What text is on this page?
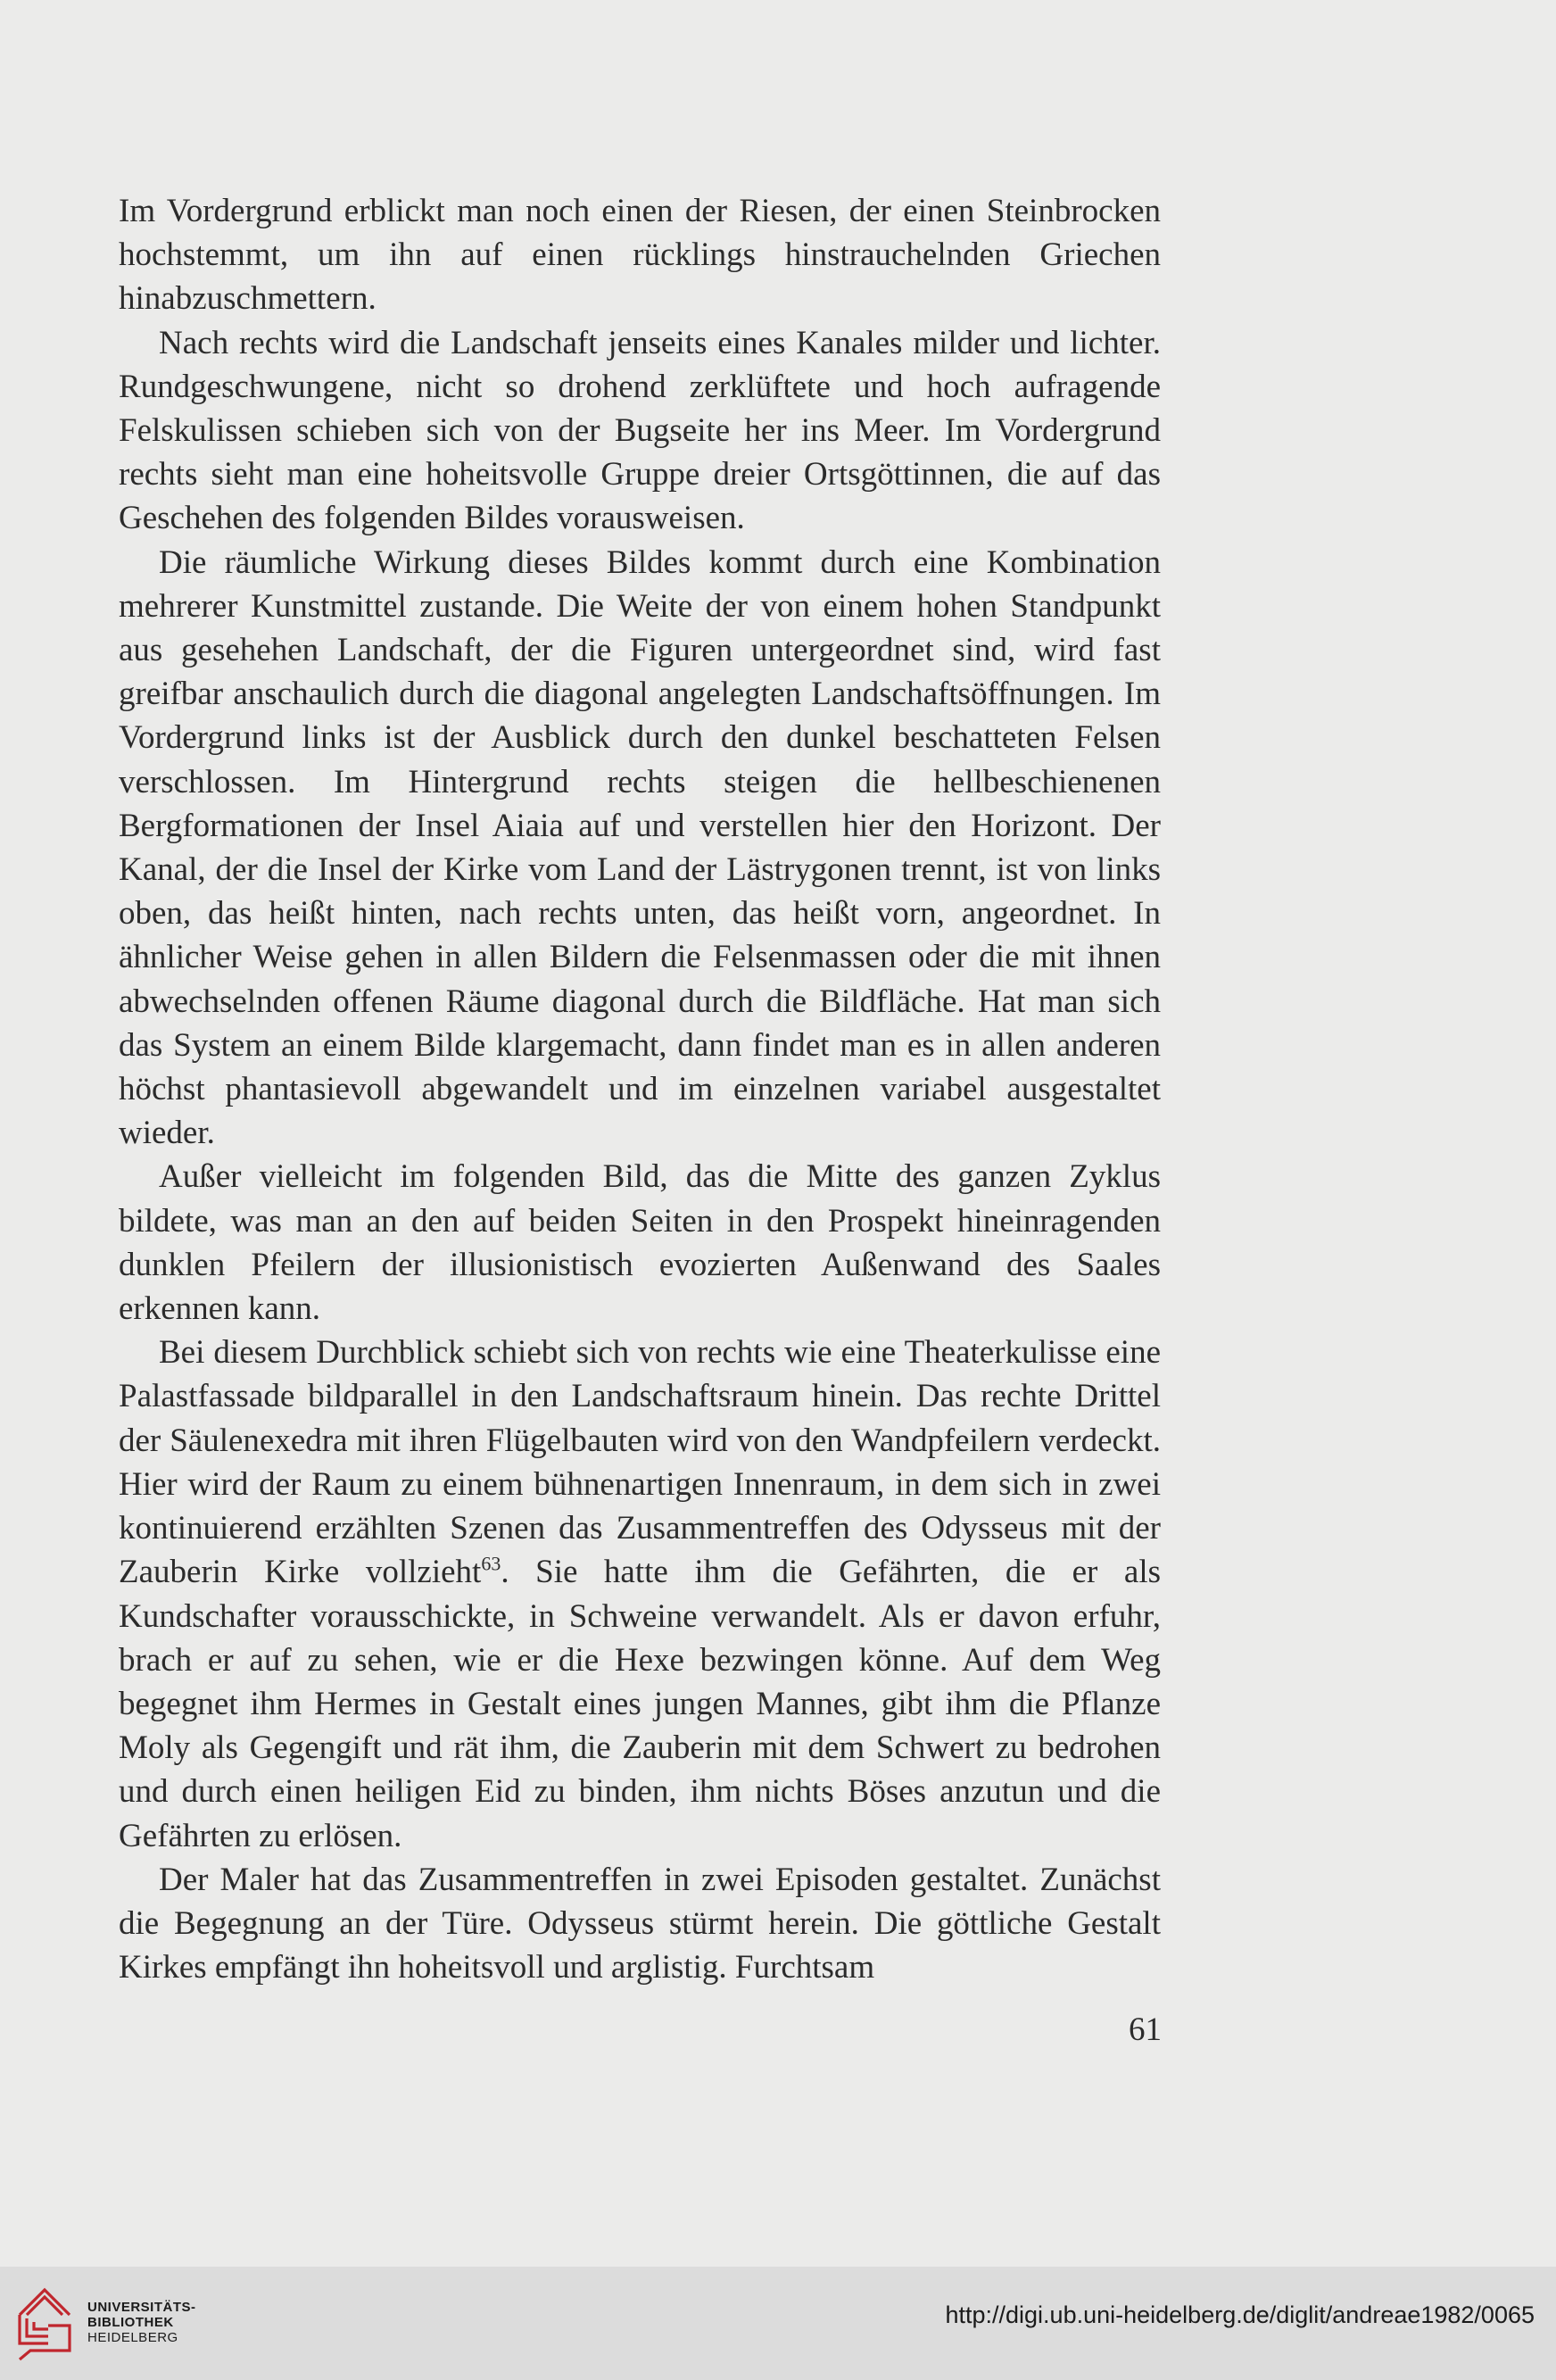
Im Vordergrund erblickt man noch einen der Riesen, der einen Steinbrocken hochstemmt, um ihn auf einen rücklings hinstrauchelnden Griechen hinabzuschmettern.

Nach rechts wird die Landschaft jenseits eines Kanales milder und lichter. Rundgeschwungene, nicht so drohend zerklüftete und hoch aufragende Felskulissen schieben sich von der Bugseite her ins Meer. Im Vordergrund rechts sieht man eine hoheitsvolle Gruppe dreier Ortsgöttinnen, die auf das Geschehen des folgenden Bildes vorausweisen.

Die räumliche Wirkung dieses Bildes kommt durch eine Kombination mehrerer Kunstmittel zustande. Die Weite der von einem hohen Standpunkt aus gesehehen Landschaft, der die Figuren untergeordnet sind, wird fast greifbar anschaulich durch die diagonal angelegten Landschaftsöffnungen. Im Vordergrund links ist der Ausblick durch den dunkel beschatteten Felsen verschlossen. Im Hintergrund rechts steigen die hellbeschienenen Bergformationen der Insel Aiaia auf und verstellen hier den Horizont. Der Kanal, der die Insel der Kirke vom Land der Lästrygonen trennt, ist von links oben, das heißt hinten, nach rechts unten, das heißt vorn, angeordnet. In ähnlicher Weise gehen in allen Bildern die Felsenmassen oder die mit ihnen abwechselnden offenen Räume diagonal durch die Bildfläche. Hat man sich das System an einem Bilde klargemacht, dann findet man es in allen anderen höchst phantasievoll abgewandelt und im einzelnen variabel ausgestaltet wieder.

Außer vielleicht im folgenden Bild, das die Mitte des ganzen Zyklus bildete, was man an den auf beiden Seiten in den Prospekt hineinragenden dunklen Pfeilern der illusionistisch evozierten Außenwand des Saales erkennen kann.

Bei diesem Durchblick schiebt sich von rechts wie eine Theaterkulisse eine Palastfassade bildparallel in den Landschaftsraum hinein. Das rechte Drittel der Säulenexedra mit ihren Flügelbauten wird von den Wandpfeilern verdeckt. Hier wird der Raum zu einem bühnenartigen Innenraum, in dem sich in zwei kontinuierend erzählten Szenen das Zusammentreffen des Odysseus mit der Zauberin Kirke vollzieht$^{63}$. Sie hatte ihm die Gefährten, die er als Kundschafter vorausschickte, in Schweine verwandelt. Als er davon erfuhr, brach er auf zu sehen, wie er die Hexe bezwingen könne. Auf dem Weg begegnet ihm Hermes in Gestalt eines jungen Mannes, gibt ihm die Pflanze Moly als Gegengift und rät ihm, die Zauberin mit dem Schwert zu bedrohen und durch einen heiligen Eid zu binden, ihm nichts Böses anzutun und die Gefährten zu erlösen.

Der Maler hat das Zusammentreffen in zwei Episoden gestaltet. Zunächst die Begegnung an der Türe. Odysseus stürmt herein. Die göttliche Gestalt Kirkes empfängt ihn hoheitsvoll und arglistig. Furchtsam

61
UNIVERSITÄTS-
BIBLIOTHEK
HEIDELBERG
http://digi.ub.uni-heidelberg.de/diglit/andreae1982/0065
